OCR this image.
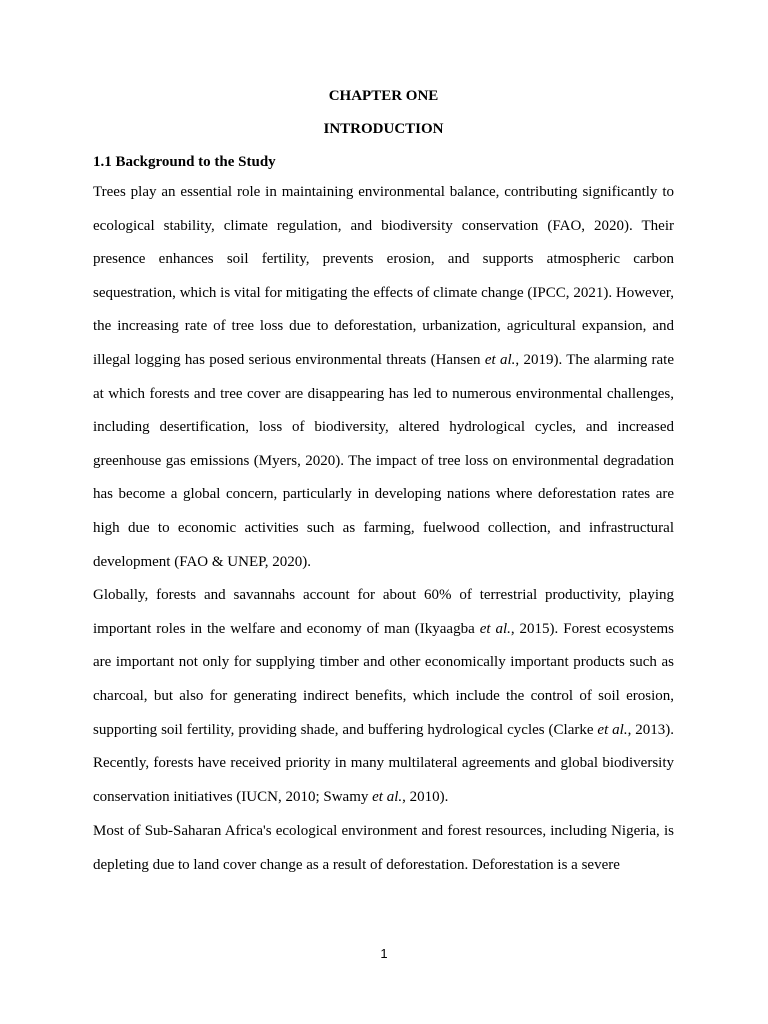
CHAPTER ONE

INTRODUCTION

1.1 Background to the Study

Trees play an essential role in maintaining environmental balance, contributing significantly to ecological stability, climate regulation, and biodiversity conservation (FAO, 2020). Their presence enhances soil fertility, prevents erosion, and supports atmospheric carbon sequestration, which is vital for mitigating the effects of climate change (IPCC, 2021). However, the increasing rate of tree loss due to deforestation, urbanization, agricultural expansion, and illegal logging has posed serious environmental threats (Hansen et al., 2019). The alarming rate at which forests and tree cover are disappearing has led to numerous environmental challenges, including desertification, loss of biodiversity, altered hydrological cycles, and increased greenhouse gas emissions (Myers, 2020). The impact of tree loss on environmental degradation has become a global concern, particularly in developing nations where deforestation rates are high due to economic activities such as farming, fuelwood collection, and infrastructural development (FAO & UNEP, 2020).

Globally, forests and savannahs account for about 60% of terrestrial productivity, playing important roles in the welfare and economy of man (Ikyaagba et al., 2015). Forest ecosystems are important not only for supplying timber and other economically important products such as charcoal, but also for generating indirect benefits, which include the control of soil erosion, supporting soil fertility, providing shade, and buffering hydrological cycles (Clarke et al., 2013). Recently, forests have received priority in many multilateral agreements and global biodiversity conservation initiatives (IUCN, 2010; Swamy et al., 2010).

Most of Sub-Saharan Africa's ecological environment and forest resources, including Nigeria, is depleting due to land cover change as a result of deforestation. Deforestation is a severe

1
